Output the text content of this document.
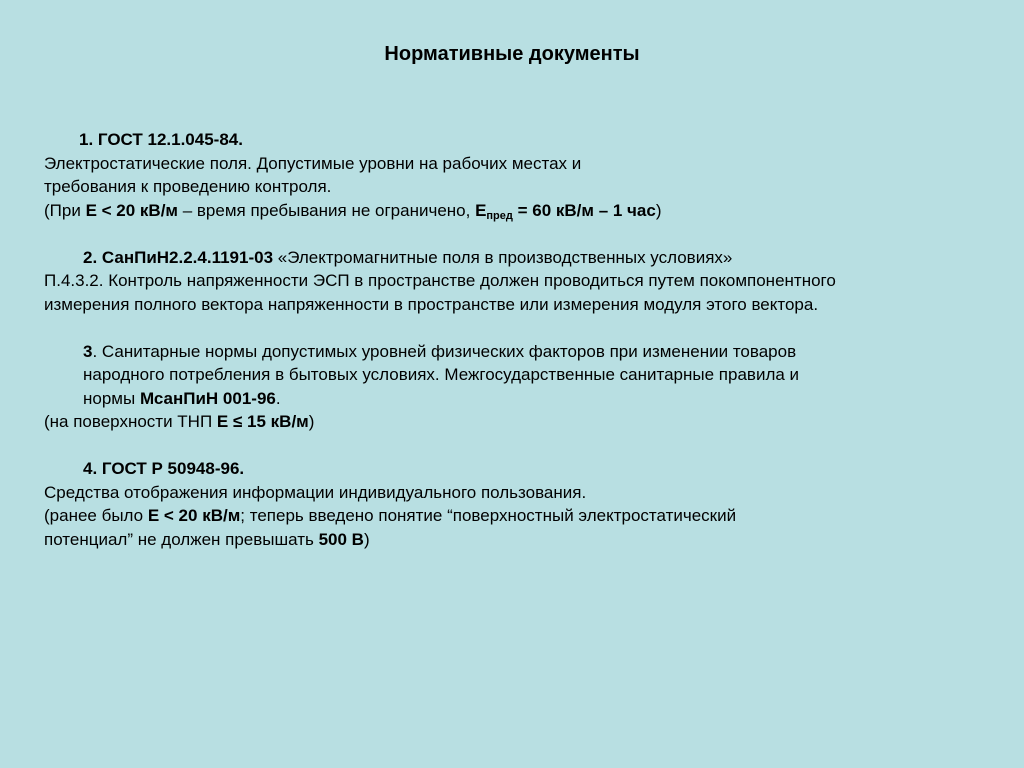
Нормативные документы
1. ГОСТ 12.1.045-84.
Электростатические поля. Допустимые уровни на рабочих местах и
требования к проведению контроля.
(При Е < 20 кВ/м – время пребывания не ограничено, $Е_{пред} = 60$ кВ/м – 1 час)
2. СанПиН2.2.4.1191-03 «Электромагнитные поля в производственных условиях»
П.4.3.2. Контроль напряженности ЭСП в пространстве должен проводиться путем покомпонентного
измерения полного вектора напряженности в пространстве или измерения модуля этого вектора.
3. Санитарные нормы допустимых уровней физических факторов при изменении товаров
народного потребления в бытовых условиях. Межгосударственные санитарные правила и
нормы МсанПиН 001-96.
(на поверхности ТНП Е ≤ 15 кВ/м)
4. ГОСТ Р 50948-96.
Средства отображения информации индивидуального пользования.
(ранее было Е < 20 кВ/м; теперь введено понятие “поверхностный электростатический
потенциал” не должен превышать 500 В)
